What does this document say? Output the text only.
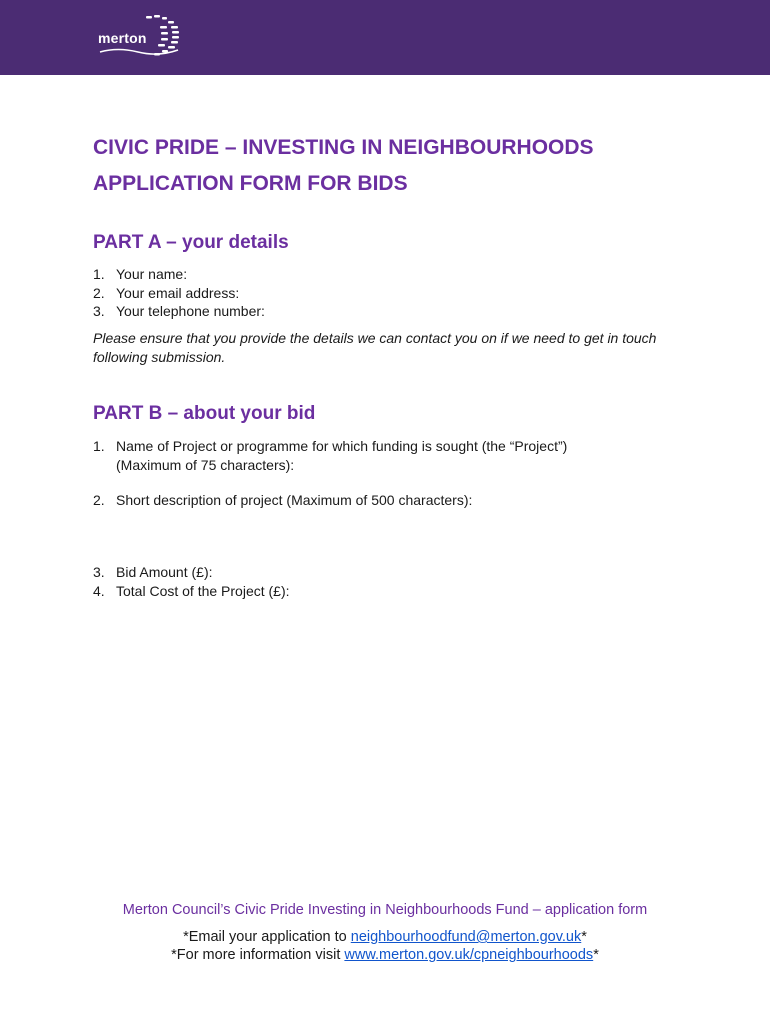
merton
CIVIC PRIDE – INVESTING IN NEIGHBOURHOODS
APPLICATION FORM FOR BIDS
PART A – your details
1. Your name:
2. Your email address:
3. Your telephone number:

Please ensure that you provide the details we can contact you on if we need to get in touch following submission.

PART B – about your bid
1. Name of Project or programme for which funding is sought (the “Project”)
(Maximum of 75 characters):
2. Short description of project (Maximum of 500 characters):
3. Bid Amount (£):
4. Total Cost of the Project (£):
Merton Council’s Civic Pride Investing in Neighbourhoods Fund – application form
*Email your application to neighbourhoodfund@merton.gov.uk*
*For more information visit www.merton.gov.uk/cpneighbourhoods*
